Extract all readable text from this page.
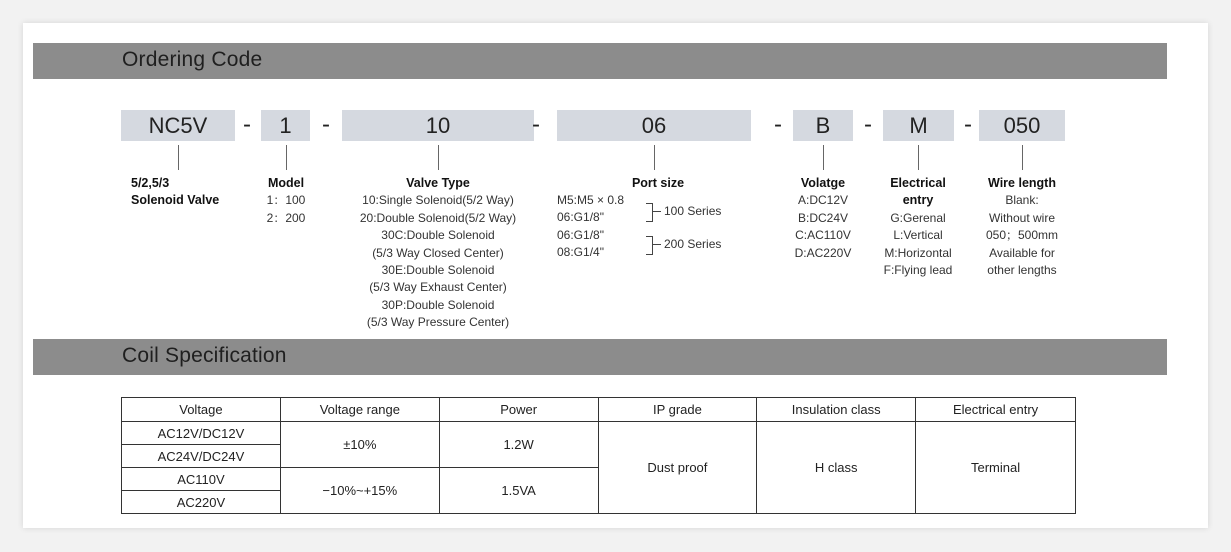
Ordering Code
NC5V	-	1	-	10	-	06	-	B	-	M	-	050
5/2,5/3
Solenoid Valve
Model
1：100
2：200
Valve Type
10:Single Solenoid(5/2 Way)
20:Double Solenoid(5/2 Way)
30C:Double Solenoid
(5/3 Way Closed Center)
30E:Double Solenoid
(5/3 Way Exhaust Center)
30P:Double Solenoid
(5/3 Way Pressure Center)
Port size
M5:M5 × 0.8
06:G1/8"
06:G1/8"
08:G1/4"
100 Series
200 Series
Volatge
A:DC12V
B:DC24V
C:AC110V
D:AC220V
Electrical
entry
G:Gerenal
L:Vertical
M:Horizontal
F:Flying lead
Wire length
Blank:
Without wire
050；500mm
Available for
other lengths
Coil Specification
Voltage	Voltage range	Power	IP grade	Insulation class	Electrical entry
AC12V/DC12V	±10%	1.2W	Dust proof	H class	Terminal
AC24V/DC24V					
AC110V	−10%~+15%	1.5VA			
AC220V					
